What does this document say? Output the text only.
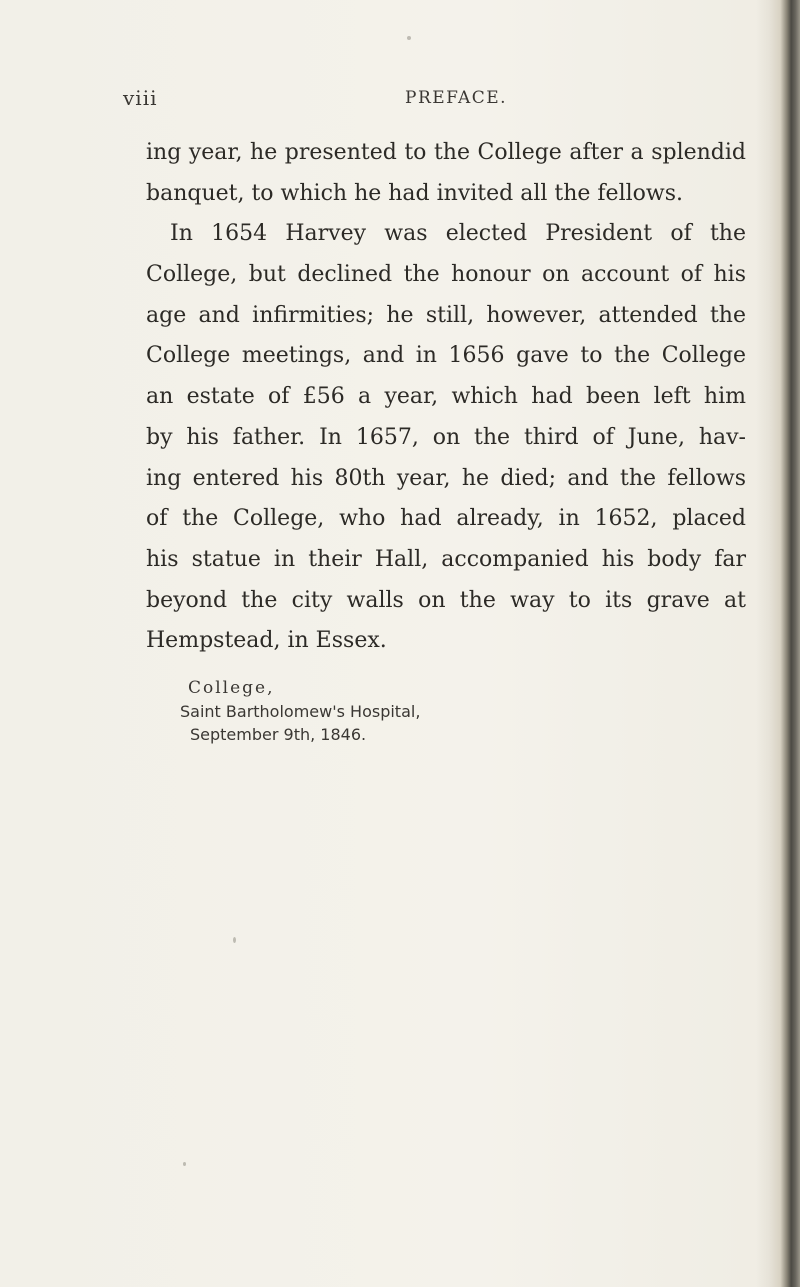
viii	PREFACE.
ing year, he presented to the College after a splendid
banquet, to which he had invited all the fellows.
In 1654 Harvey was elected President of the
College, but declined the honour on account of his
age and infirmities; he still, however, attended the
College meetings, and in 1656 gave to the College
an estate of £56 a year, which had been left him
by his father. In 1657, on the third of June, hav-
ing entered his 80th year, he died; and the fellows
of the College, who had already, in 1652, placed
his statue in their Hall, accompanied his body far
beyond the city walls on the way to its grave at
Hempstead, in Essex.
College,
Saint Bartholomew's Hospital,
September 9th, 1846.
